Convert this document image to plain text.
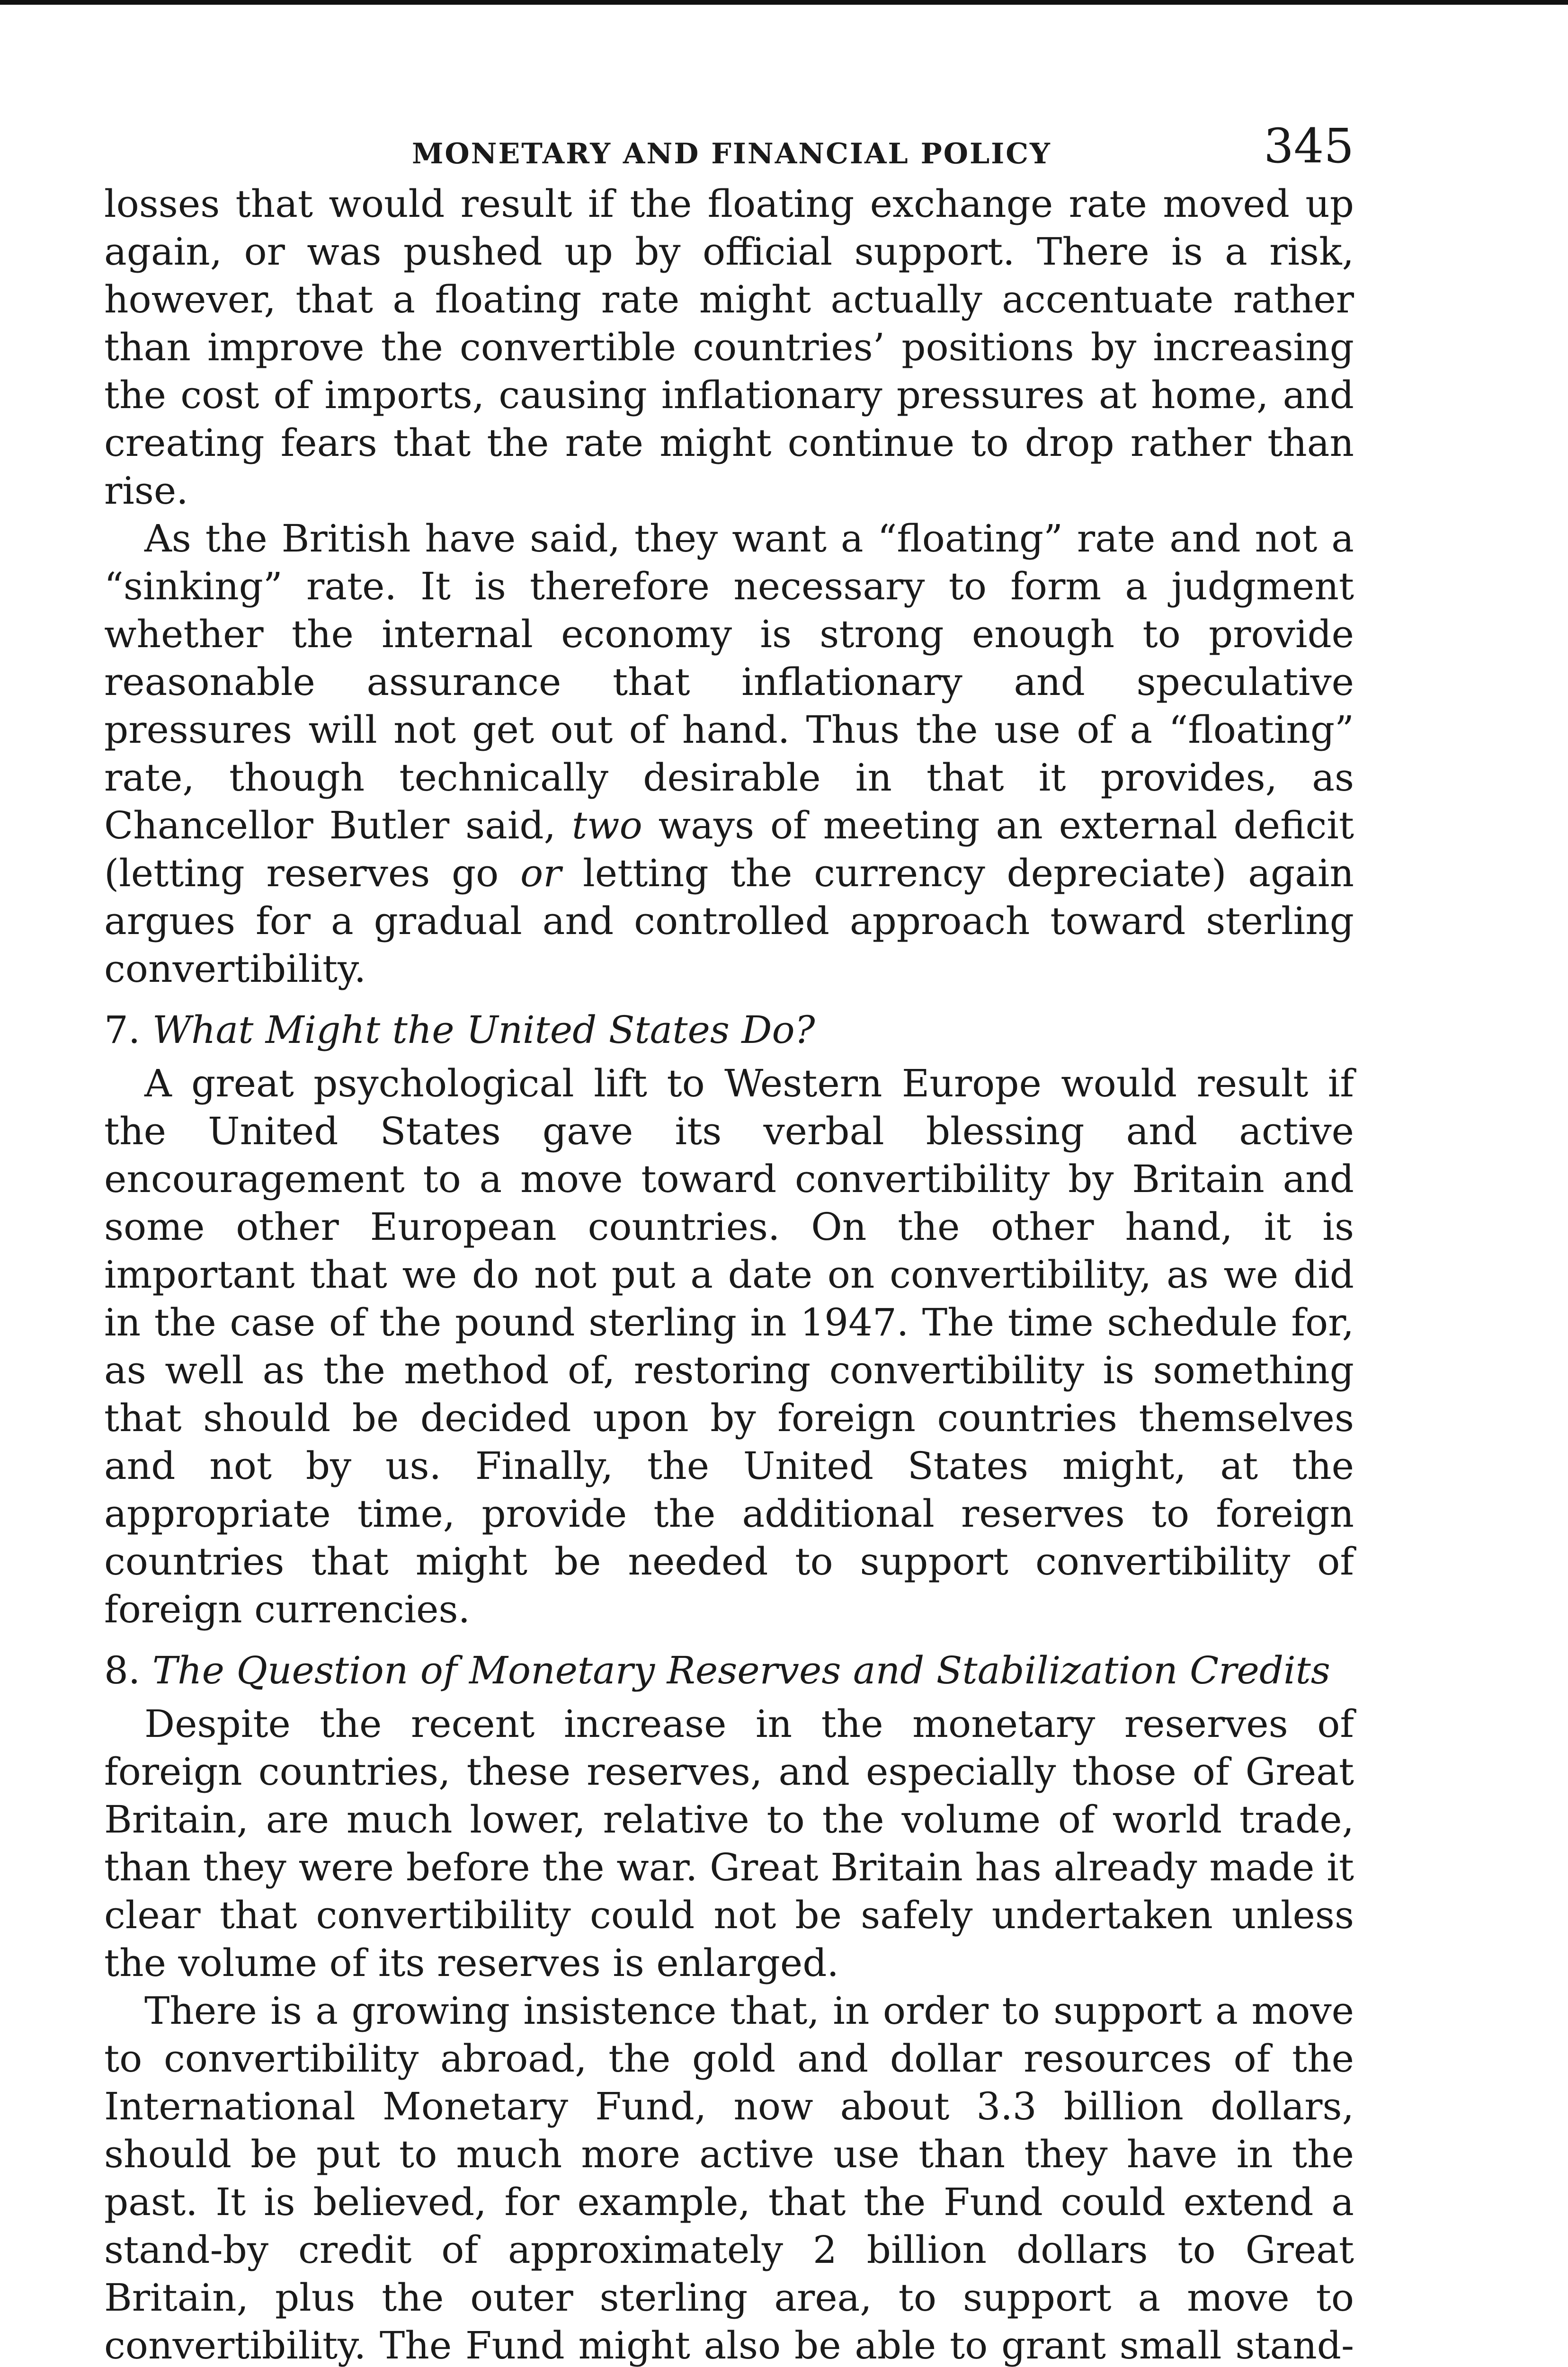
MONETARY AND FINANCIAL POLICY	345

losses that would result if the floating exchange rate moved up again, or was pushed up by official support. There is a risk, however, that a floating rate might actually accentuate rather than improve the convertible countries’ positions by increasing the cost of imports, causing inflationary pressures at home, and creating fears that the rate might continue to drop rather than rise.

As the British have said, they want a “floating” rate and not a “sinking” rate. It is therefore necessary to form a judgment whether the internal economy is strong enough to provide reasonable assurance that inflationary and speculative pressures will not get out of hand. Thus the use of a “floating” rate, though technically desirable in that it provides, as Chancellor Butler said, two ways of meeting an external deficit (letting reserves go or letting the currency depreciate) again argues for a gradual and controlled approach toward sterling convertibility.

7. What Might the United States Do?

A great psychological lift to Western Europe would result if the United States gave its verbal blessing and active encouragement to a move toward convertibility by Britain and some other European countries. On the other hand, it is important that we do not put a date on convertibility, as we did in the case of the pound sterling in 1947. The time schedule for, as well as the method of, restoring convertibility is something that should be decided upon by foreign countries themselves and not by us. Finally, the United States might, at the appropriate time, provide the additional reserves to foreign countries that might be needed to support convertibility of foreign currencies.

8. The Question of Monetary Reserves and Stabilization Credits

Despite the recent increase in the monetary reserves of foreign countries, these reserves, and especially those of Great Britain, are much lower, relative to the volume of world trade, than they were before the war. Great Britain has already made it clear that convertibility could not be safely undertaken unless the volume of its reserves is enlarged.

There is a growing insistence that, in order to support a move to convertibility abroad, the gold and dollar resources of the International Monetary Fund, now about 3.3 billion dollars, should be put to much more active use than they have in the past. It is believed, for example, that the Fund could extend a stand-by credit of approximately 2 billion dollars to Great Britain, plus the outer sterling area, to support a move to convertibility. The Fund might also be able to grant small stand-
